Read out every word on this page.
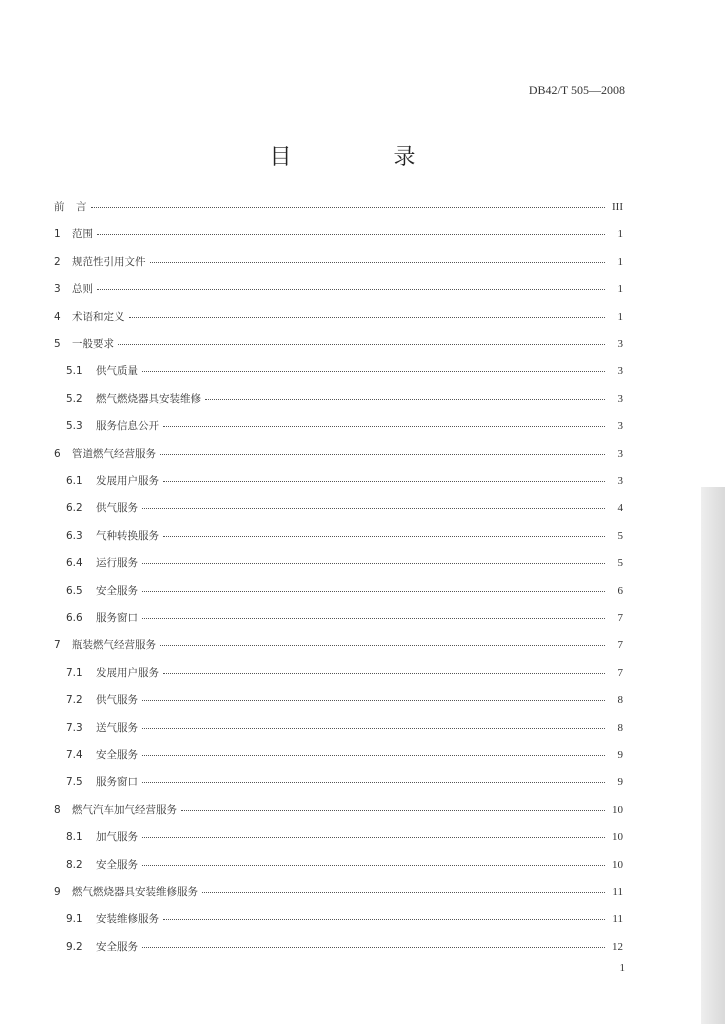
DB42/T 505—2008
目　录
前	言	III
1	范围	1
2	规范性引用文件	1
3	总则	1
4	术语和定义	1
5	一般要求	3
5.1	供气质量	3
5.2	燃气燃烧器具安装维修	3
5.3	服务信息公开	3
6	管道燃气经营服务	3
6.1	发展用户服务	3
6.2	供气服务	4
6.3	气种转换服务	5
6.4	运行服务	5
6.5	安全服务	6
6.6	服务窗口	7
7	瓶装燃气经营服务	7
7.1	发展用户服务	7
7.2	供气服务	8
7.3	送气服务	8
7.4	安全服务	9
7.5	服务窗口	9
8	燃气汽车加气经营服务	10
8.1	加气服务	10
8.2	安全服务	10
9	燃气燃烧器具安装维修服务	11
9.1	安装维修服务	11
9.2	安全服务	12
1
